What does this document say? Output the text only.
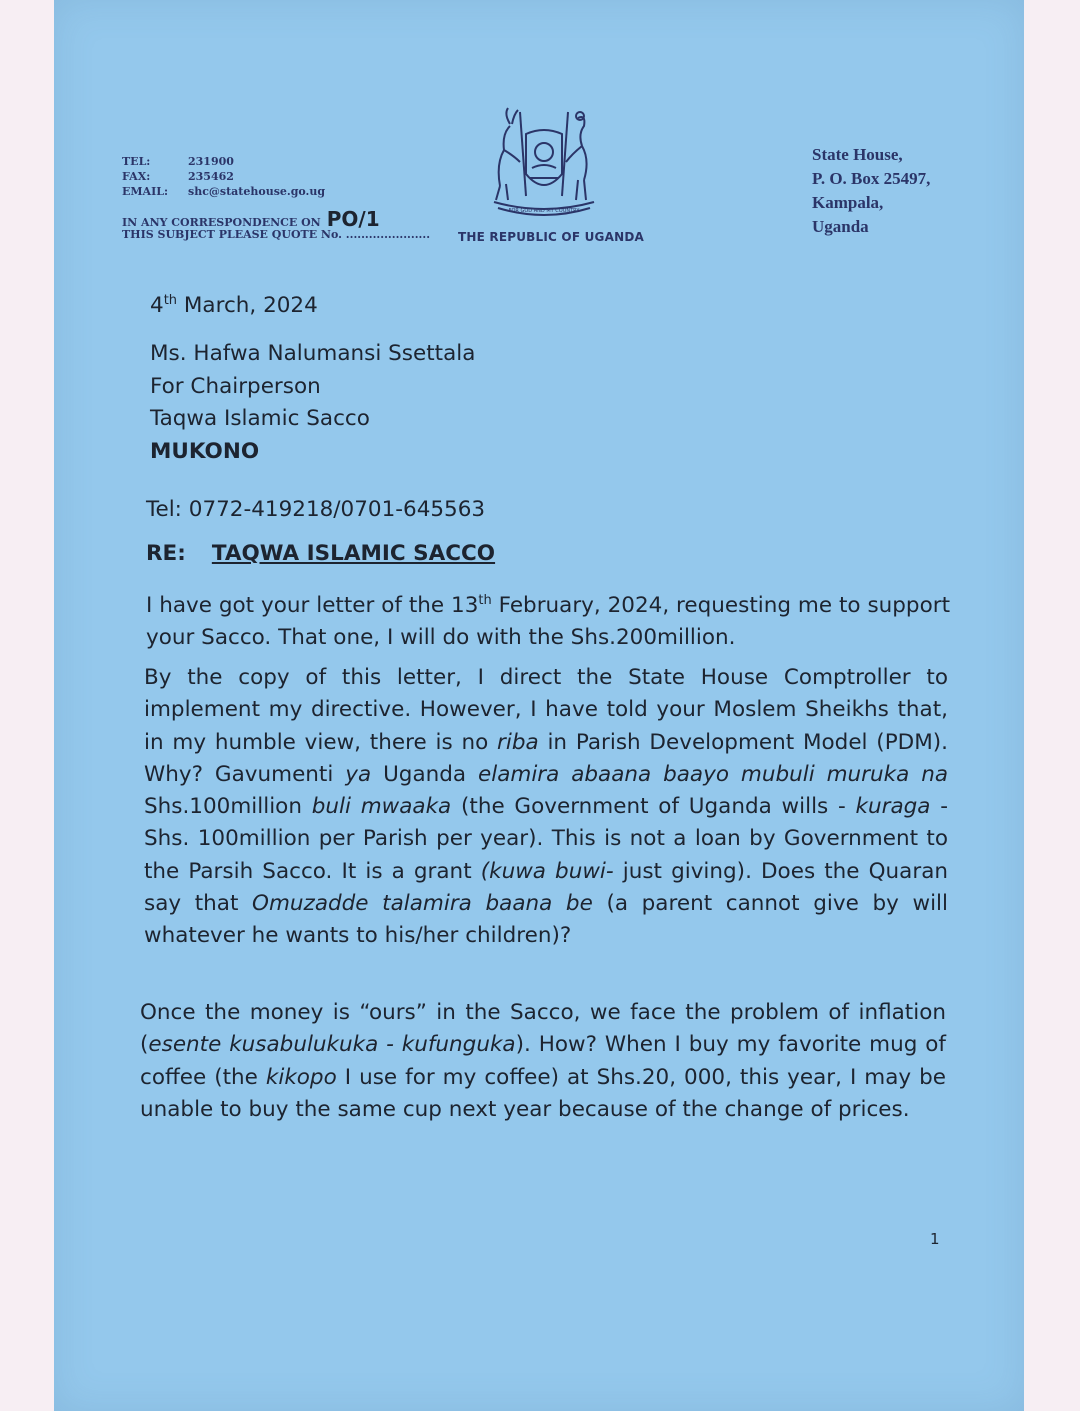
TEL:	231900
FAX:	235462
EMAIL:	shc@statehouse.go.ug
IN ANY CORRESPONDENCE ON PO/1
THIS SUBJECT PLEASE QUOTE No. ......................
FOR GOD AND MY COUNTRY
THE REPUBLIC OF UGANDA
State House,
P. O. Box 25497,
Kampala,
Uganda
4th March, 2024
Ms. Hafwa Nalumansi Ssettala
For Chairperson
Taqwa Islamic Sacco
MUKONO
Tel: 0772-419218/0701-645563
RE: TAQWA ISLAMIC SACCO
I have got your letter of the 13th February, 2024, requesting me to support your Sacco. That one, I will do with the Shs.200million.
By the copy of this letter, I direct the State House Comptroller to implement my directive. However, I have told your Moslem Sheikhs that, in my humble view, there is no riba in Parish Development Model (PDM). Why? Gavumenti ya Uganda elamira abaana baayo mubuli muruka na Shs.100million buli mwaaka (the Government of Uganda wills - kuraga - Shs. 100million per Parish per year). This is not a loan by Government to the Parsih Sacco. It is a grant (kuwa buwi- just giving). Does the Quaran say that Omuzadde talamira baana be (a parent cannot give by will whatever he wants to his/her children)?
Once the money is “ours” in the Sacco, we face the problem of inflation (esente kusabulukuka - kufunguka). How? When I buy my favorite mug of coffee (the kikopo I use for my coffee) at Shs.20, 000, this year, I may be unable to buy the same cup next year because of the change of prices.
1
